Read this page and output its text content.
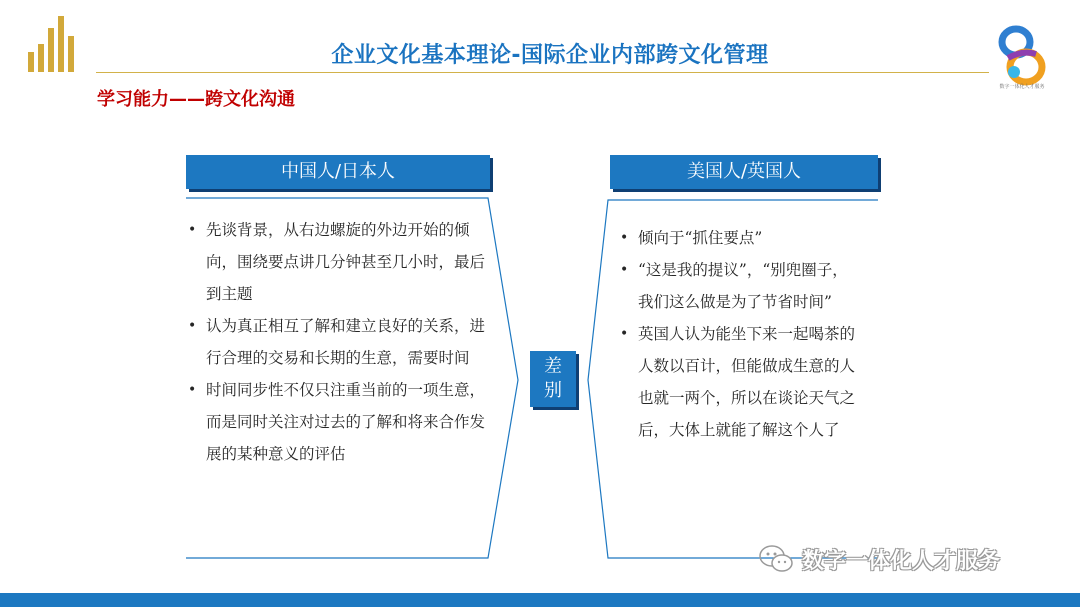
企业文化基本理论-国际企业内部跨文化管理
数字一体化人才服务
学习能力——跨文化沟通
中国人/日本人	美国人/英国人
• 先谈背景，从右边螺旋的外边开始的倾向，围绕要点讲几分钟甚至几小时，最后到主题
• 认为真正相互了解和建立良好的关系，进行合理的交易和长期的生意，需要时间
• 时间同步性不仅只注重当前的一项生意，而是同时关注对过去的了解和将来合作发展的某种意义的评估
差
别
• 倾向于“抓住要点”
• “这是我的提议”，“别兜圈子，我们这么做是为了节省时间”
• 英国人认为能坐下来一起喝茶的人数以百计，但能做成生意的人也就一两个，所以在谈论天气之后，大体上就能了解这个人了
数字一体化人才服务
